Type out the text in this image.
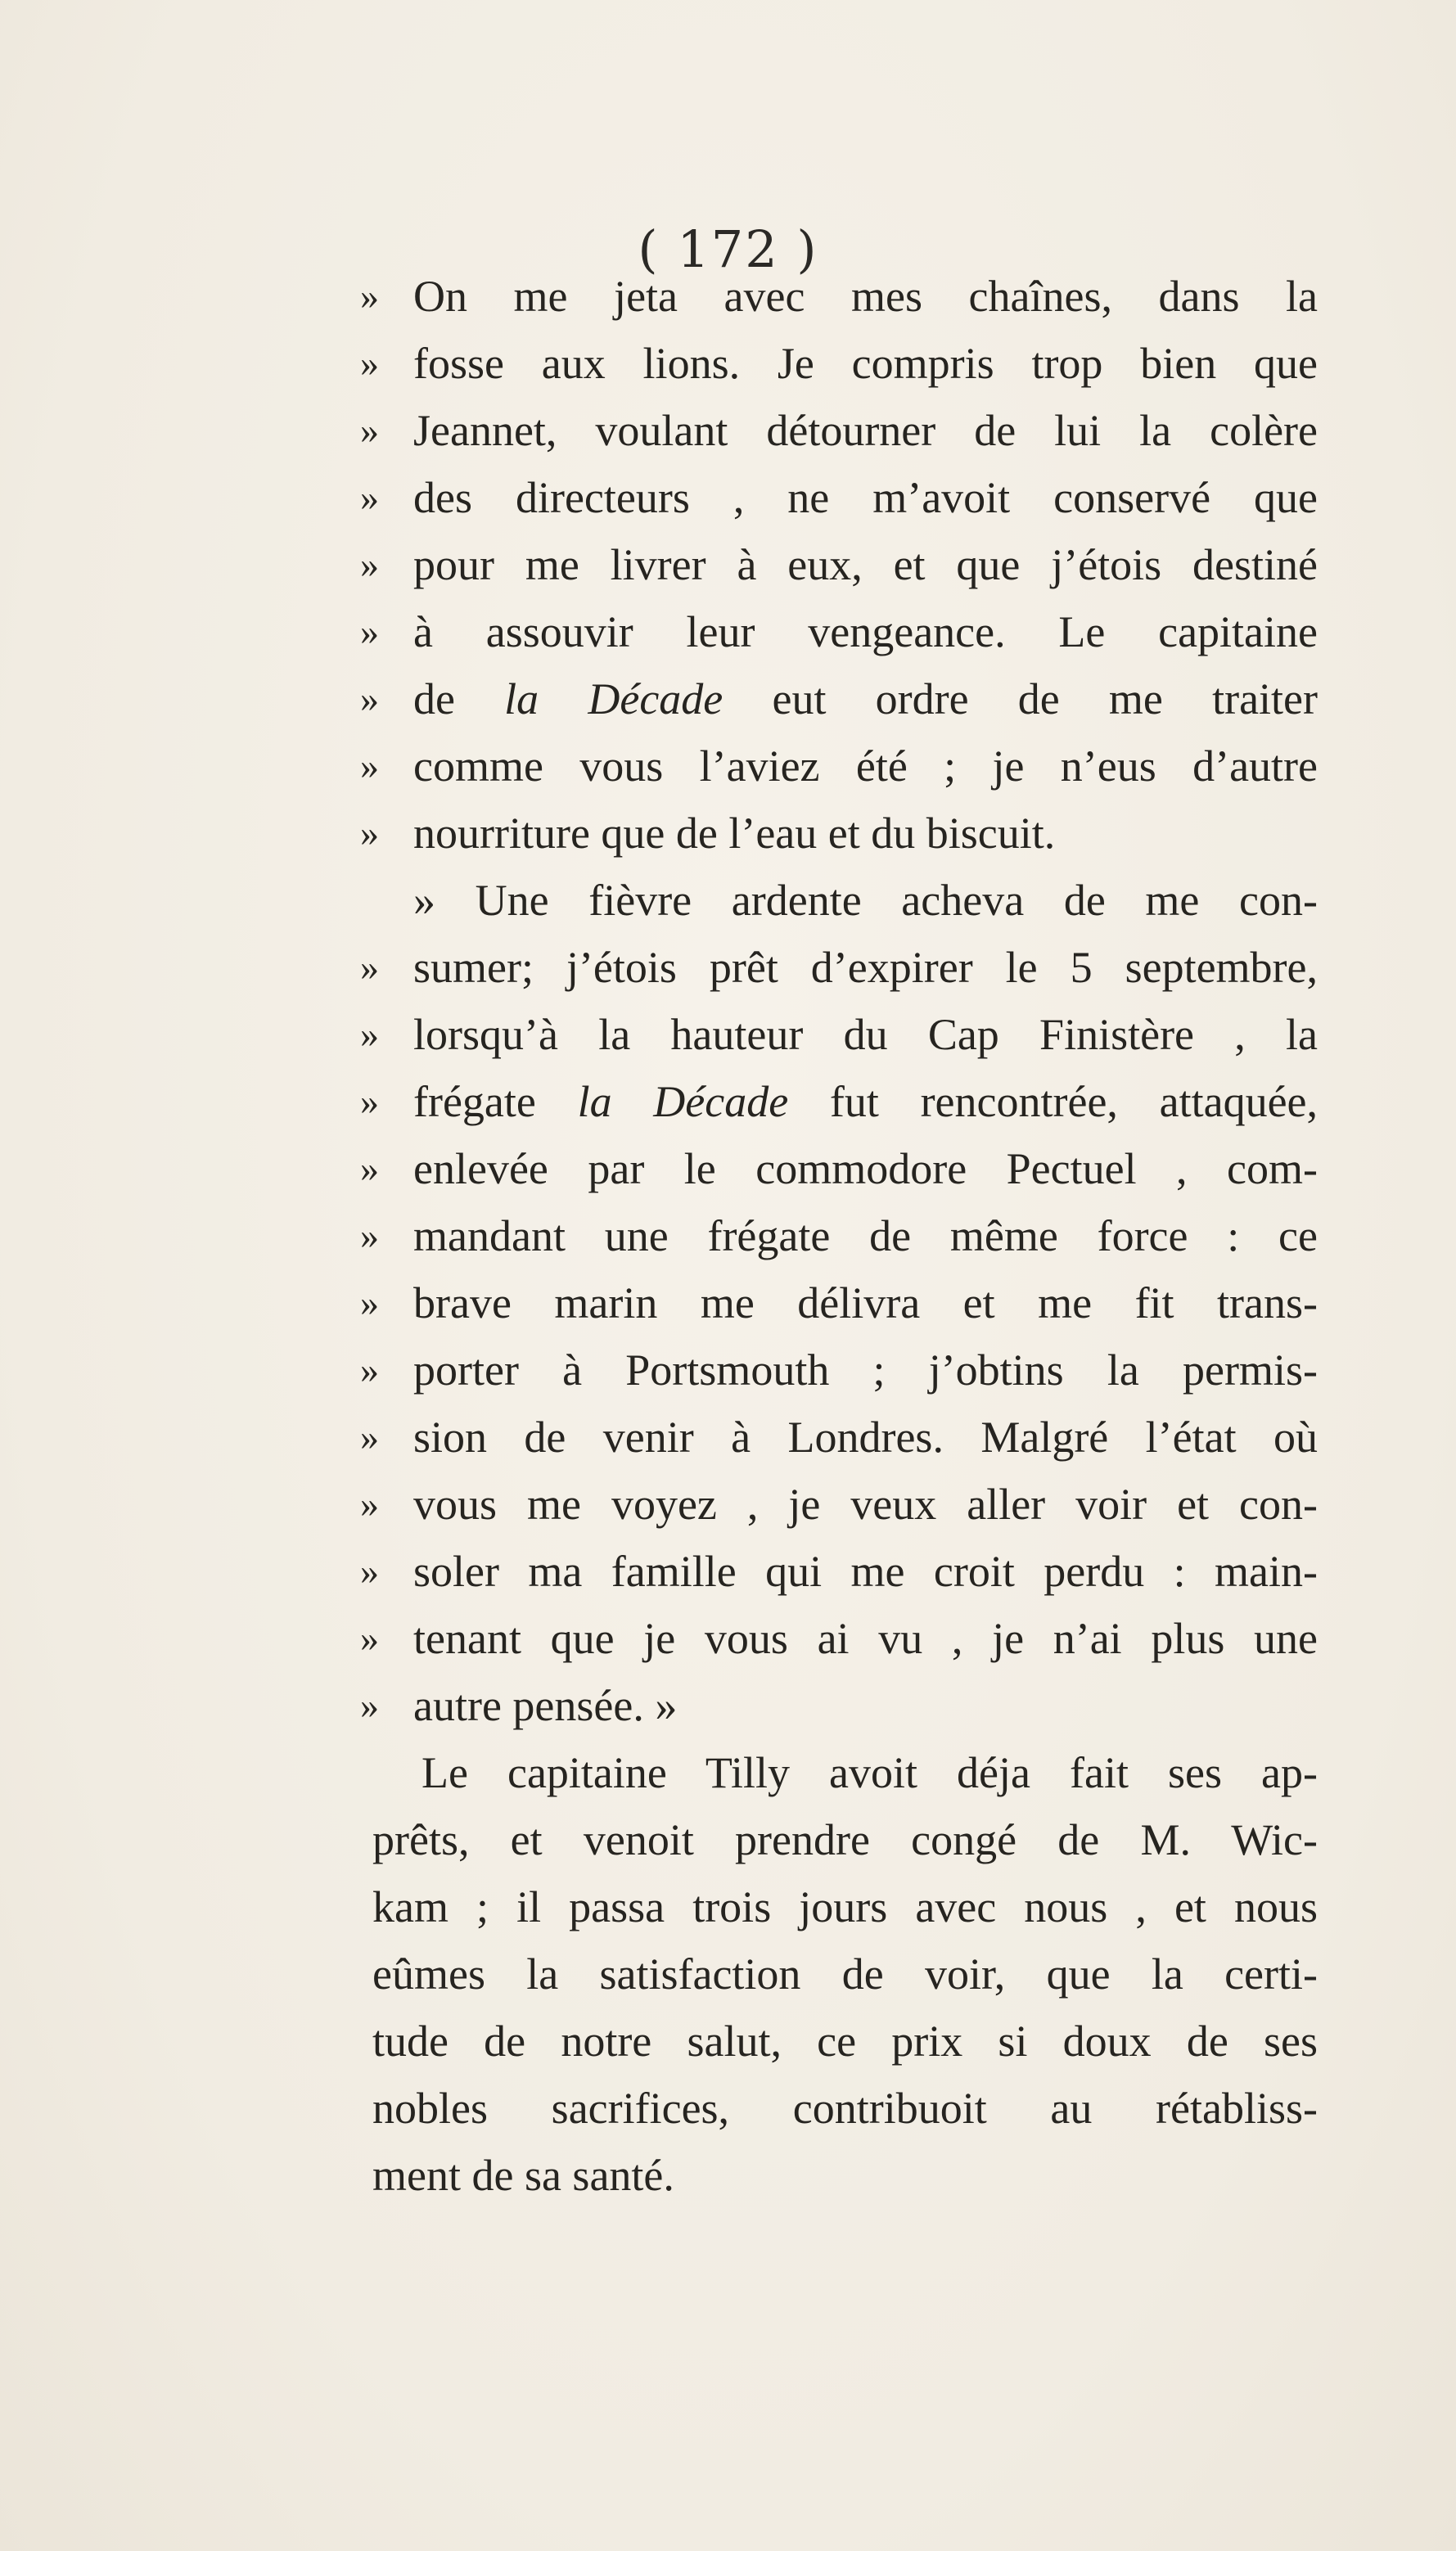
( 172 )
» On me jeta avec mes chaînes, dans la
» fosse aux lions. Je compris trop bien que
» Jeannet, voulant détourner de lui la colère
» des directeurs , ne m’avoit conservé que
» pour me livrer à eux, et que j’étois destiné
» à assouvir leur vengeance. Le capitaine
» de la Décade eut ordre de me traiter
» comme vous l’aviez été ; je n’eus d’autre
» nourriture que de l’eau et du biscuit.
» Une fièvre ardente acheva de me con-
» sumer; j’étois prêt d’expirer le 5 septembre,
» lorsqu’à la hauteur du Cap Finistère , la
» frégate la Décade fut rencontrée, attaquée,
» enlevée par le commodore Pectuel , com-
» mandant une frégate de même force : ce
» brave marin me délivra et me fit trans-
» porter à Portsmouth ; j’obtins la permis-
» sion de venir à Londres. Malgré l’état où
» vous me voyez , je veux aller voir et con-
» soler ma famille qui me croit perdu : main-
» tenant que je vous ai vu , je n’ai plus une
» autre pensée. »
Le capitaine Tilly avoit déja fait ses ap-
prêts, et venoit prendre congé de M. Wic-
kam ; il passa trois jours avec nous , et nous
eûmes la satisfaction de voir, que la certi-
tude de notre salut, ce prix si doux de ses
nobles sacrifices, contribuoit au rétabliss-
ment de sa santé.
